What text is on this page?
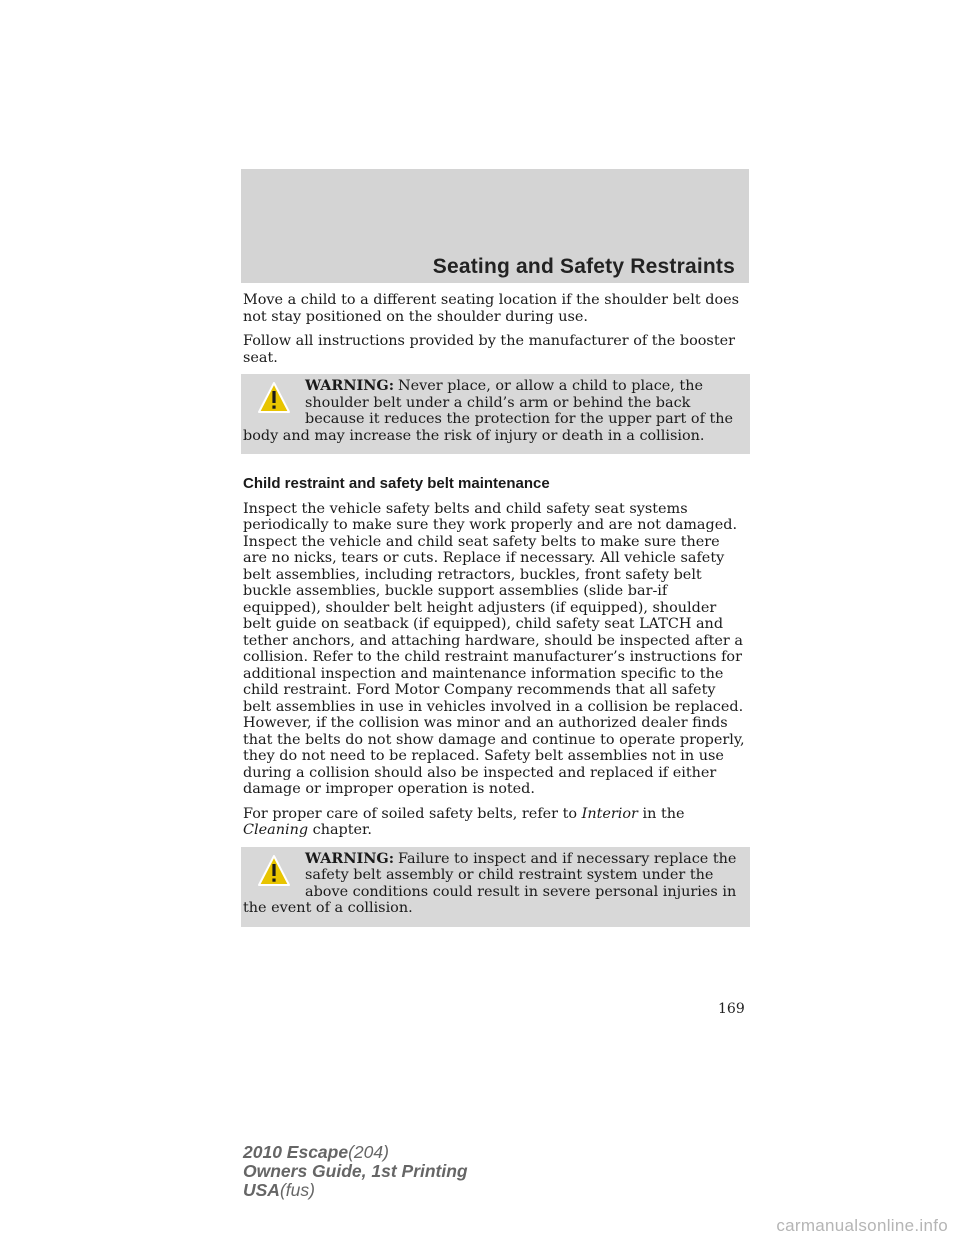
Seating and Safety Restraints

Move a child to a different seating location if the shoulder belt does not stay positioned on the shoulder during use.

Follow all instructions provided by the manufacturer of the booster seat.

WARNING: Never place, or allow a child to place, the shoulder belt under a child’s arm or behind the back because it reduces the protection for the upper part of the body and may increase the risk of injury or death in a collision.
Child restraint and safety belt maintenance

Inspect the vehicle safety belts and child safety seat systems periodically to make sure they work properly and are not damaged. Inspect the vehicle and child seat safety belts to make sure there are no nicks, tears or cuts. Replace if necessary. All vehicle safety belt assemblies, including retractors, buckles, front safety belt buckle assemblies, buckle support assemblies (slide bar-if equipped), shoulder belt height adjusters (if equipped), shoulder belt guide on seatback (if equipped), child safety seat LATCH and tether anchors, and attaching hardware, should be inspected after a collision. Refer to the child restraint manufacturer’s instructions for additional inspection and maintenance information specific to the child restraint. Ford Motor Company recommends that all safety belt assemblies in use in vehicles involved in a collision be replaced. However, if the collision was minor and an authorized dealer finds that the belts do not show damage and continue to operate properly, they do not need to be replaced. Safety belt assemblies not in use during a collision should also be inspected and replaced if either damage or improper operation is noted.

For proper care of soiled safety belts, refer to Interior in the Cleaning chapter.

WARNING: Failure to inspect and if necessary replace the safety belt assembly or child restraint system under the above conditions could result in severe personal injuries in the event of a collision.
169
2010 Escape(204)
Owners Guide, 1st Printing
USA(fus)
carmanualsonline.info
